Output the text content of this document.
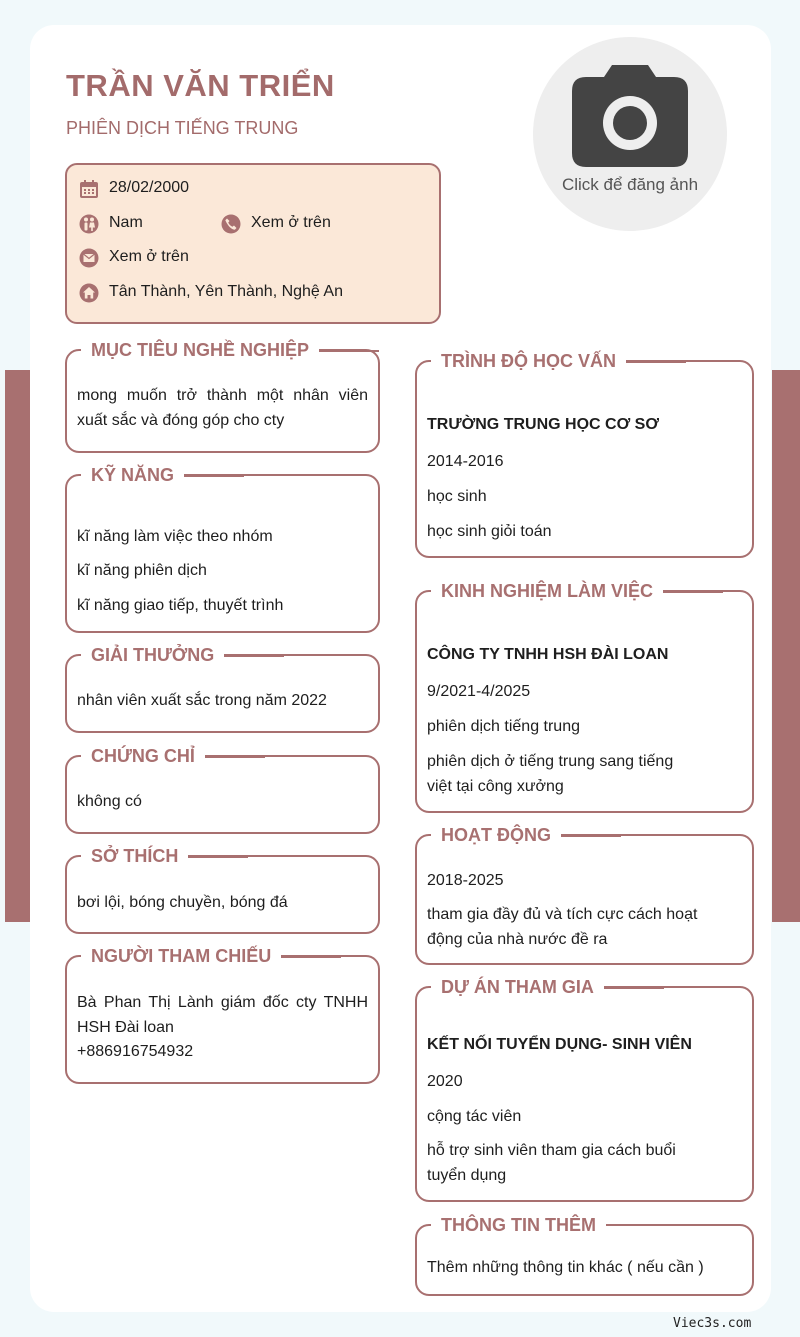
TRẦN VĂN TRIỂN
PHIÊN DỊCH TIẾNG TRUNG
Click để đăng ảnh
28/02/2000
Nam	Xem ở trên
Xem ở trên
Tân Thành, Yên Thành, Nghệ An
MỤC TIÊU NGHỀ NGHIỆP
mong muốn trở thành một nhân viên xuất sắc và đóng góp cho cty
KỸ NĂNG
kĩ năng làm việc theo nhóm
kĩ năng phiên dịch
kĩ năng giao tiếp, thuyết trình
GIẢI THƯỞNG
nhân viên xuất sắc trong năm 2022
CHỨNG CHỈ
không có
SỞ THÍCH
bơi lội, bóng chuyền, bóng đá
NGƯỜI THAM CHIẾU
Bà Phan Thị Lành giám đốc cty TNHH HSH Đài loan
+886916754932
TRÌNH ĐỘ HỌC VẤN
TRƯỜNG TRUNG HỌC CƠ SƠ
2014-2016
học sinh
học sinh giỏi toán
KINH NGHIỆM LÀM VIỆC
CÔNG TY TNHH HSH ĐÀI LOAN
9/2021-4/2025
phiên dịch tiếng trung
phiên dịch ở tiếng trung sang tiếng việt tại công xưởng
HOẠT ĐỘNG
2018-2025
tham gia đầy đủ và tích cực cách hoạt động của nhà nước đề ra
DỰ ÁN THAM GIA
KẾT NỐI TUYỂN DỤNG- SINH VIÊN
2020
cộng tác viên
hỗ trợ sinh viên tham gia cách buổi tuyển dụng
THÔNG TIN THÊM
Thêm những thông tin khác ( nếu cần )
Viec3s.com
